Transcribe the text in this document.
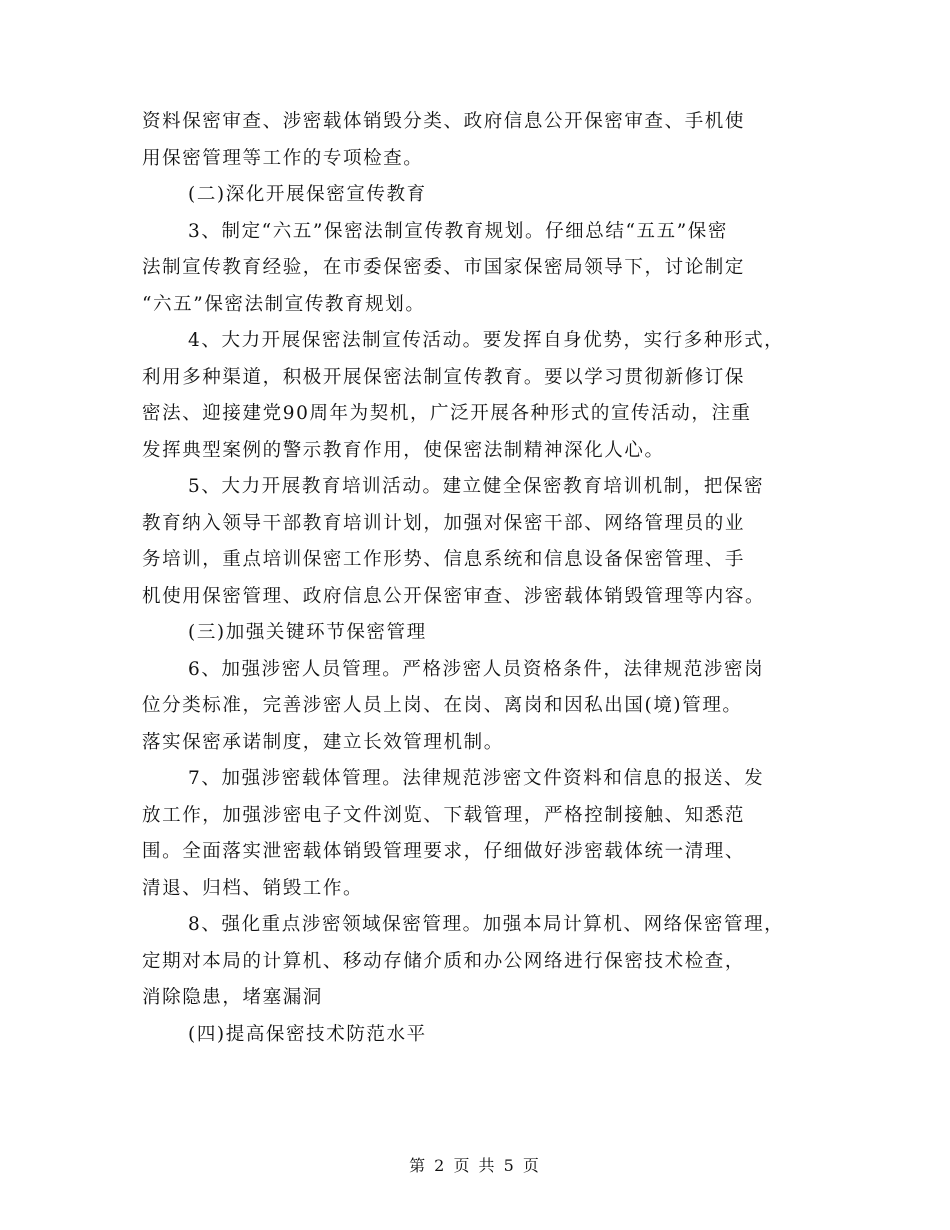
资料保密审查、涉密载体销毁分类、政府信息公开保密审查、手机使
用保密管理等工作的专项检查。
(二)深化开展保密宣传教育
3、制定“六五”保密法制宣传教育规划。仔细总结“五五”保密
法制宣传教育经验，在市委保密委、市国家保密局领导下，讨论制定
“六五”保密法制宣传教育规划。
4、大力开展保密法制宣传活动。要发挥自身优势，实行多种形式，
利用多种渠道，积极开展保密法制宣传教育。要以学习贯彻新修订保
密法、迎接建党90周年为契机，广泛开展各种形式的宣传活动，注重
发挥典型案例的警示教育作用，使保密法制精神深化人心。
5、大力开展教育培训活动。建立健全保密教育培训机制，把保密
教育纳入领导干部教育培训计划，加强对保密干部、网络管理员的业
务培训，重点培训保密工作形势、信息系统和信息设备保密管理、手
机使用保密管理、政府信息公开保密审查、涉密载体销毁管理等内容。
(三)加强关键环节保密管理
6、加强涉密人员管理。严格涉密人员资格条件，法律规范涉密岗
位分类标准，完善涉密人员上岗、在岗、离岗和因私出国(境)管理。
落实保密承诺制度，建立长效管理机制。
7、加强涉密载体管理。法律规范涉密文件资料和信息的报送、发
放工作，加强涉密电子文件浏览、下载管理，严格控制接触、知悉范
围。全面落实泄密载体销毁管理要求，仔细做好涉密载体统一清理、
清退、归档、销毁工作。
8、强化重点涉密领域保密管理。加强本局计算机、网络保密管理，
定期对本局的计算机、移动存储介质和办公网络进行保密技术检查，
消除隐患，堵塞漏洞
(四)提高保密技术防范水平
第 2 页 共 5 页
